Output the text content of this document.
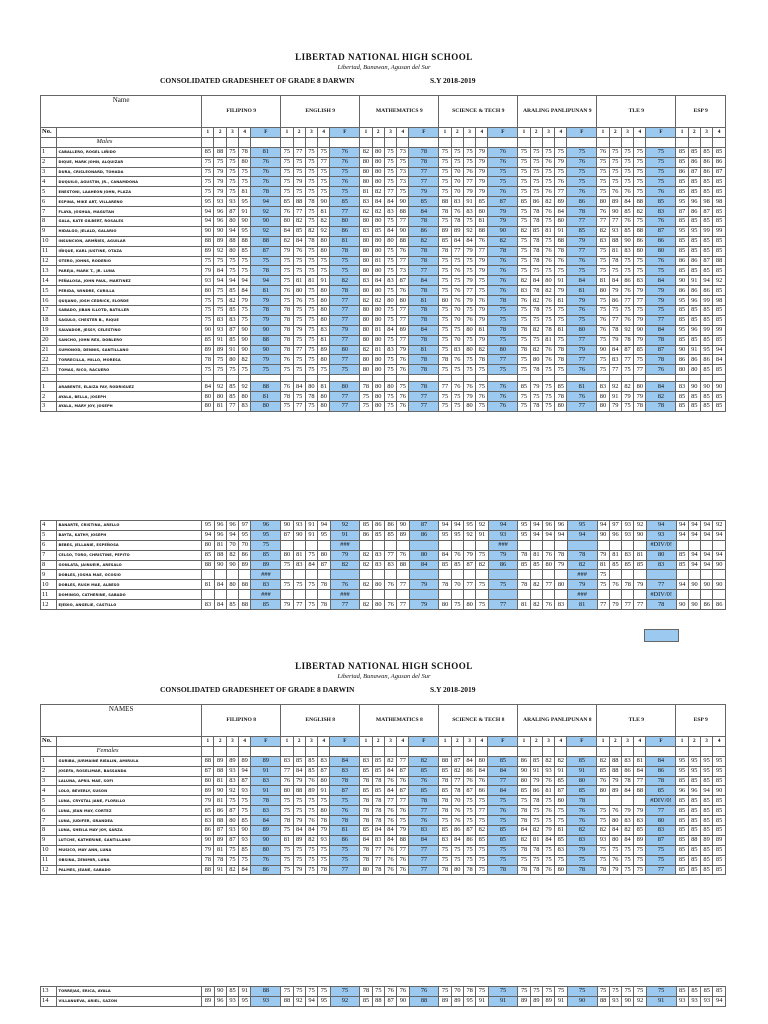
LIBERTAD NATIONAL HIGH SCHOOL
Libertad, Bunawan, Agusan del Sur
CONSOLIDATED GRADESHEET OF GRADE 8 DARWIN	S.Y 2018-2019
Name		FILIPINO 9					ENGLISH 9					MATHEMATICS 9					SCIENCE & TECH 9					ARALING PANLIPUNAN 9					TLE 9					ESP 9			
No.		1	2	3	4	F	1	2	3	4	F	1	2	3	4	F	1	2	3	4	F	1	2	3	4	F	1	2	3	4	F	1	2	3	4
	Males																																		
1	CABALLERO, ROGEL LIÑIDO	85	88	75	78	81	75	77	75	75	76	82	80	75	73	78	75	75	75	79	76	75	75	75	75	75	76	75	75	75	75	85	85	85	85
2	DIQUE, MARK JOHN, ALQUIZAR	75	75	75	80	76	75	75	75	77	76	80	80	75	75	78	75	75	75	79	76	75	75	76	79	76	75	75	75	75	75	85	86	86	86
3	DURA, CRISLEONARD, TOHADA	75	79	75	75	76	75	75	75	75	75	80	80	75	73	77	75	70	76	79	75	75	75	75	75	75	75	75	75	75	75	86	87	86	87
4	DUQUILO, AGUSTIN, JR., CANAMDONA	75	79	75	75	76	75	79	75	75	76	80	80	75	73	77	75	70	77	79	75	75	75	75	76	75	75	75	75	75	75	85	85	85	85
5	ENESTONI, LAAHEON JOHN, PLAZA	75	79	75	81	78	75	75	75	75	75	81	82	77	75	79	75	70	79	79	76	75	75	76	77	76	75	76	76	75	76	85	85	85	85
6	ESPINA, MIKE ART, VILLARENO	95	93	93	95	94	85	88	78	90	85	83	84	84	90	85	88	83	91	85	87	85	86	82	89	86	80	89	84	88	85	95	96	98	98
7	FLAYA, JOSHUA, MAGUTAN	94	96	87	91	92	76	77	75	81	77	82	82	83	88	84	78	76	83	80	79	75	78	76	84	78	76	90	85	82	83	87	86	87	85
8	GALA, KATE GILBERT, ROSALES	94	96	80	90	90	80	82	75	82	80	80	80	75	77	78	75	78	75	81	79	75	78	75	80	77	77	77	76	75	76	85	85	85	85
9	HIDALGO, JELALD, GALARIO	90	90	94	95	92	84	85	82	92	86	83	85	84	90	86	89	89	92	88	90	82	85	81	91	85	82	93	85	88	87	95	95	99	99
10	INSUNCION, ARMÑIES, AGUILAR	88	89	88	88	88	82	84	78	80	81	80	80	80	88	82	85	84	84	76	82	75	78	75	88	79	83	88	90	86	86	85	85	85	85
11	IÑIQUE, KARL JUSTINE, OTAZA	89	92	80	85	87	79	76	75	80	78	80	80	75	76	78	78	77	79	77	78	75	78	76	78	77	75	81	83	80	80	85	85	85	85
12	OTERO, JOHNS, RODERIO	75	75	75	75	75	75	75	75	75	75	80	81	75	77	78	75	75	75	79	76	75	78	76	76	76	75	78	75	75	76	86	86	87	88
13	PAREJA, MARK T., JR. LUNA	79	84	75	75	78	75	75	75	75	75	80	80	75	73	77	75	76	75	79	76	75	75	75	75	75	75	75	75	75	75	85	85	85	85
14	PEÑALOSA, JOHN PAUL, MARTINEZ	93	94	94	94	94	75	81	81	91	82	83	84	83	87	84	75	75	79	75	76	82	84	80	91	84	81	84	86	83	84	90	91	94	92
15	PERIDA, WINDRE, CURILLA	80	75	85	84	81	76	80	75	80	78	80	80	75	76	78	75	76	77	75	76	83	78	82	79	81	80	79	76	79	79	86	86	86	85
16	QUIJANO, JOSH CEDRICK, ELORDE	75	75	82	79	79	75	76	75	80	77	82	82	80	80	81	80	76	79	76	78	76	82	76	81	79	75	86	77	77	79	95	96	99	98
17	SABADO, JIBAN ILLOTD, BATILLER	75	75	85	75	78	78	75	75	80	77	80	80	75	77	78	75	70	75	79	75	75	78	75	75	76	75	75	75	75	75	85	85	85	85
18	SAGULO, CHESTER B., RIQUE	75	83	83	75	79	78	75	75	80	77	80	80	75	77	78	75	70	76	79	75	75	75	75	75	75	76	77	76	79	77	85	85	85	85
19	SALVADOR, JESSY, CELESTINO	90	93	87	90	90	78	79	75	83	79	80	81	84	89	84	75	75	80	81	78	78	82	78	81	80	76	78	92	90	84	95	96	99	99
20	SANCHO, JOHN REX, DOBLERO	85	91	85	90	88	78	75	75	81	77	80	80	75	77	78	75	70	75	79	75	75	75	81	75	77	75	79	78	79	78	85	85	85	85
21	SUMONOD, DENNIS, SANTILLANO	89	89	91	90	90	78	77	75	89	80	82	81	83	79	81	75	83	80	82	80	78	82	76	78	79	90	84	87	85	87	90	91	95	94
22	TORRECILLA, MILLO, MORESA	78	75	80	82	79	76	75	75	80	77	80	80	75	76	78	78	76	75	78	77	75	80	76	78	77	75	83	77	75	78	86	86	86	84
23	TOMAS, RICO, RACUERO	75	75	75	75	75	75	75	75	75	75	80	80	75	76	78	75	75	75	75	75	75	78	75	75	76	75	77	75	77	76	80	80	85	85

1	ARABENTE, ELAIZA FAY, RODRIGUEZ	84	92	85	92	88	76	84	80	81	80	78	80	80	75	78	77	76	76	75	76	85	79	75	85	81	83	92	82	80	84	83	90	90	90
2	AYALA, BELLA, JOSEPH	80	80	85	80	81	78	75	78	80	77	75	80	75	76	77	75	75	79	76	76	75	75	75	78	76	80	91	79	79	82	85	85	85	85
3	AYALA, MARY JOY, JOSEPH	80	81	77	83	80	75	77	75	80	77	75	80	75	76	77	75	75	80	75	76	75	78	75	80	77	80	79	75	78	78	85	85	85	85
4	BANARTE, CRISTINA, ARELLO	95	96	96	97	96	90	93	91	94	92	85	86	86	90	87	94	94	95	92	94	95	94	96	96	95	94	97	93	92	94	94	94	94	92
5	BAYTA, KATHY, JOSEPH	94	96	94	95	95	87	90	91	95	91	86	85	85	89	86	95	95	92	91	93	95	94	94	94	94	90	96	93	90	93	94	94	94	94
6	BEBES, JELLANIE, ESPEÑOSA	80	81	70	70	75					###										###										#DIV/0!				
7	CELSO, TORO, CHRISTINE, PEPITO	85	88	82	86	85	80	81	75	80	79	82	83	77	76	80	84	76	79	75	79	78	81	76	78	78	79	81	83	81	80	85	94	94	94
8	GONLATA, JAINUEIR, ARESALO	88	90	90	89	89	75	83	84	87	82	82	83	83	88	84	85	85	87	82	86	85	85	80	79	82	81	85	85	85	83	85	94	94	90
9	DOBLES, JOSHA MAE, OCOSIO					###																				###	75								
10	DOBLES, RUSH MAE, ALBESO	81	84	80	88	83	75	75	75	78	76	82	80	76	77	79	78	70	77	75	75	78	82	77	80	79	75	76	78	79	77	94	90	90	90
11	DOMINGO, CATHERINE, SABADO					###					###															###					#DIV/0!				
12	EJEDIO, ANGELIE, CASTILLO	83	84	85	88	85	79	77	75	78	77	82	80	76	77	79	80	75	80	75	77	81	82	76	83	81	77	79	77	77	78	90	90	86	86
LIBERTAD NATIONAL HIGH SCHOOL
Libertad, Bunawan, Agusan del Sur
CONSOLIDATED GRADESHEET OF GRADE 8 DARWIN	S.Y 2018-2019
NAMES		FILIPINO 8					ENGLISH 8					MATHEMATICS 8					SCIENCE & TECH 8					ARALING PANLIPUNAN 8					TLE 9					ESP 9			
No.		1	2	3	4	F	1	2	3	4	F	1	2	3	4	F	1	2	3	4	F	1	2	3	4	F	1	2	3	4	F	1	2	3	4
	Females																																		
1	GURIBA, JURMAINE RIEALIN, AMIRULA	88	89	89	89	89	83	85	85	83	84	83	85	82	77	82	88	87	84	80	85	86	85	82	82	85	82	88	83	81	84	95	95	95	95
2	JOSEFA, ROSELIMAR, BASSANDA	87	88	93	94	91	77	84	85	87	83	85	85	84	87	85	85	82	86	84	84	90	91	93	91	91	85	88	86	84	86	95	95	95	95
3	LALUNA, APRIL MAE, SOFI	80	81	83	87	83	76	79	76	80	78	78	78	76	76	76	78	77	76	76	77	80	79	76	85	80	76	79	78	77	78	85	85	85	85
4	LOLO, BEVERLY, SUSON	89	90	92	93	91	80	88	89	91	87	85	85	84	87	85	85	78	87	86	84	85	86	81	87	85	80	89	84	88	85	96	96	94	90
5	LUNA, CRYSTAL JANE, FLORILLO	79	81	75	75	78	75	75	75	75	75	78	78	77	77	78	78	70	75	75	75	75	78	75	80	78					#DIV/0!	85	85	85	85
6	LUNA, JEAN MAY, CORTEZ	85	86	87	75	83	75	75	75	80	76	78	78	76	76	77	78	76	75	77	76	78	75	76	75	76	75	76	79	79	77	85	85	85	85
7	LUNA, JUDIFER, GRANDEA	83	88	80	85	84	78	79	76	78	78	78	78	76	75	76	75	76	75	75	75	78	75	75	75	76	75	80	83	83	80	85	85	85	85
8	LUNA, SHEILA MAY JOY, SARZA	86	87	93	90	89	75	84	84	79	81	85	84	84	79	83	85	86	87	82	85	84	82	79	81	82	82	84	82	85	83	85	85	85	85
9	LUTCHE, KATHERINE, SANTILLANO	90	89	87	93	90	81	89	82	93	86	84	83	84	88	84	83	84	86	85	85	82	81	84	85	83	93	80	84	89	87	85	88	89	89
10	MUSICO, MAY ANN, LUNA	79	81	75	85	80	75	75	75	75	75	78	77	76	77	77	75	75	75	75	75	78	78	75	83	79	75	75	75	75	75	85	85	85	85
11	OBSINA, ZENIMIR, LUNA	78	78	75	75	76	75	75	75	75	75	78	77	76	76	77	75	75	75	75	75	75	75	75	75	75	75	76	75	75	75	85	85	85	85
12	PALMES, JEANE, SABADO	88	91	82	84	86	75	79	75	78	77	80	78	76	76	77	78	80	78	75	78	78	78	76	80	78	78	79	75	75	77	85	85	85	85
13	TORREJAS, ERICA, AYALA	89	90	85	91	88	75	75	75	75	75	78	75	76	76	76	75	70	78	75	75	75	75	75	75	75	75	75	75	75	75	85	85	85	85
14	VILLANUEVA, ARIEL, SAZON	89	96	93	95	93	88	92	94	95	92	85	88	87	90	88	89	89	95	91	91	89	89	89	91	90	88	93	90	92	91	93	93	93	94
